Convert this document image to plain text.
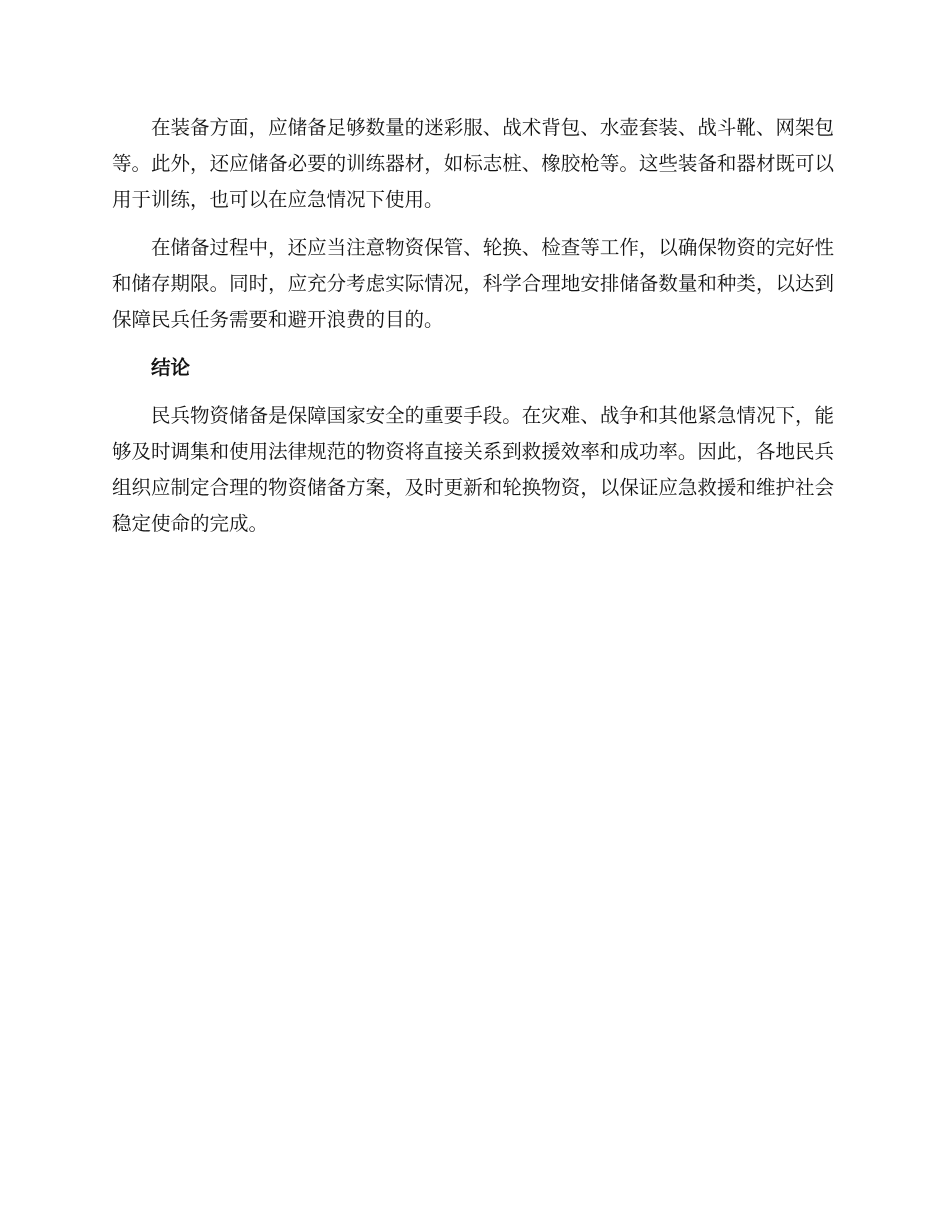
在装备方面，应储备足够数量的迷彩服、战术背包、水壶套装、战斗靴、网架包等。此外，还应储备必要的训练器材，如标志桩、橡胶枪等。这些装备和器材既可以用于训练，也可以在应急情况下使用。

在储备过程中，还应当注意物资保管、轮换、检查等工作，以确保物资的完好性和储存期限。同时，应充分考虑实际情况，科学合理地安排储备数量和种类，以达到保障民兵任务需要和避开浪费的目的。

结论

民兵物资储备是保障国家安全的重要手段。在灾难、战争和其他紧急情况下，能够及时调集和使用法律规范的物资将直接关系到救援效率和成功率。因此，各地民兵组织应制定合理的物资储备方案，及时更新和轮换物资，以保证应急救援和维护社会稳定使命的完成。
